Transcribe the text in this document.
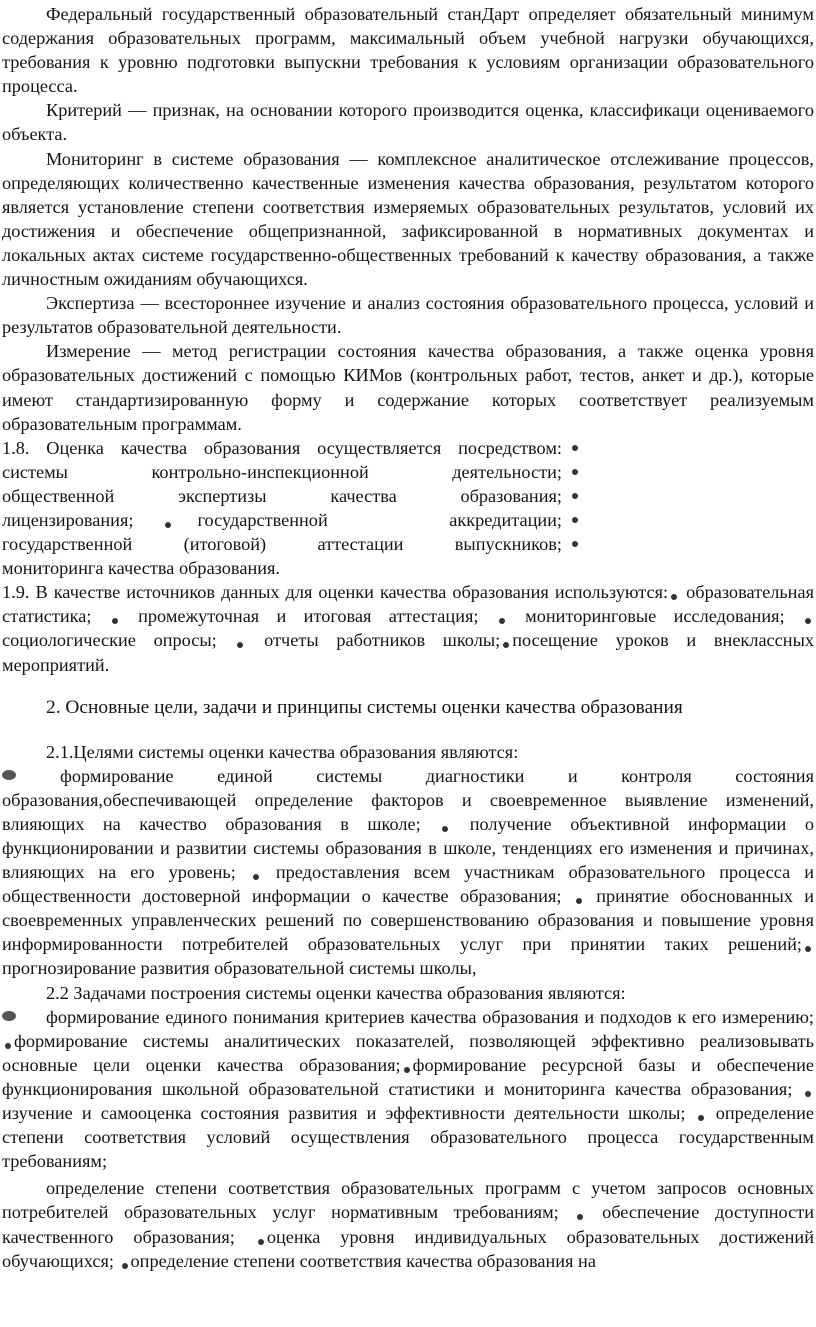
Федеральный государственный образовательный станДарт определяет обязательный минимум содержания образовательных программ, максимальный объем учебной нагрузки обучающихся, требования к уровню подготовки выпускни требования к условиям организации образовательного процесса.

Критерий — признак, на основании которого производится оценка, классификаци оцениваемого объекта.

Мониторинг в системе образования — комплексное аналитическое отслеживание процессов, определяющих количественно качественные изменения качества образования, результатом которого является установление степени соответствия измеряемых образовательных результатов, условий их достижения и обеспечение общепризнанной, зафиксированной в нормативных документах и локальных актах системе государственно-общественных требований к качеству образования, а также личностным ожиданиям обучающихся.

Экспертиза — всестороннее изучение и анализ состояния образовательного процесса, условий и результатов образовательной деятельности.

Измерение — метод регистрации состояния качества образования, а также оценка уровня образовательных достижений с помощью КИМов (контрольных работ, тестов, анкет и др.), которые имеют стандартизированную форму и содержание которых соответствует реализуемым образовательным программам.

1.8. Оценка качества образования осуществляется посредством:
системы контрольно-инспекционной деятельности;
общественной экспертизы качества образования;
лицензирования;	государственной аккредитации;
государственной (итоговой) аттестации выпускников;
мониторинга качества образования.

1.9. В качестве источников данных для оценки качества образования используются: образовательная статистика;	промежуточная и итоговая аттестация;	мониторинговые исследования;  социологические опросы;	отчеты работников школы; посещение уроков и внеклассных мероприятий.

2. Основные цели, задачи и принципы системы оценки качества образования

2.1.Целями системы оценки качества образования являются:

формирование единой системы диагностики и контроля состояния образования,обеспечивающей определение факторов и своевременное выявление изменений, влияющих на качество образования в школе;	получение объективной информации о функционировании и развитии системы образования в школе, тенденциях его изменения и причинах, влияющих на его уровень; предоставления всем участникам образовательного процесса и общественности достоверной информации о качестве образования; принятие обоснованных и своевременных управленческих решений по совершенствованию образования и повышение уровня информированности потребителей образовательных услуг при принятии таких решений;прогнозирование развития образовательной системы школы,

2.2 Задачами построения системы оценки качества образования являются:

формирование единого понимания критериев качества образования и подходов к его измерению; формирование системы аналитических показателей, позволяющей эффективно реализовывать основные цели оценки качества образования; формирование ресурсной базы и обеспечение функционирования школьной образовательной статистики и мониторинга качества образования;  изучение и самооценка состояния развития и эффективности деятельности школы; определение степени соответствия условий осуществления образовательного процесса государственным требованиям;

определение степени соответствия образовательных программ с учетом запросов основных потребителей образовательных услуг нормативным требованиям; обеспечение доступности качественного образования; оценка уровня индивидуальных образовательных достижений обучающихся; определение степени соответствия качества образования на
